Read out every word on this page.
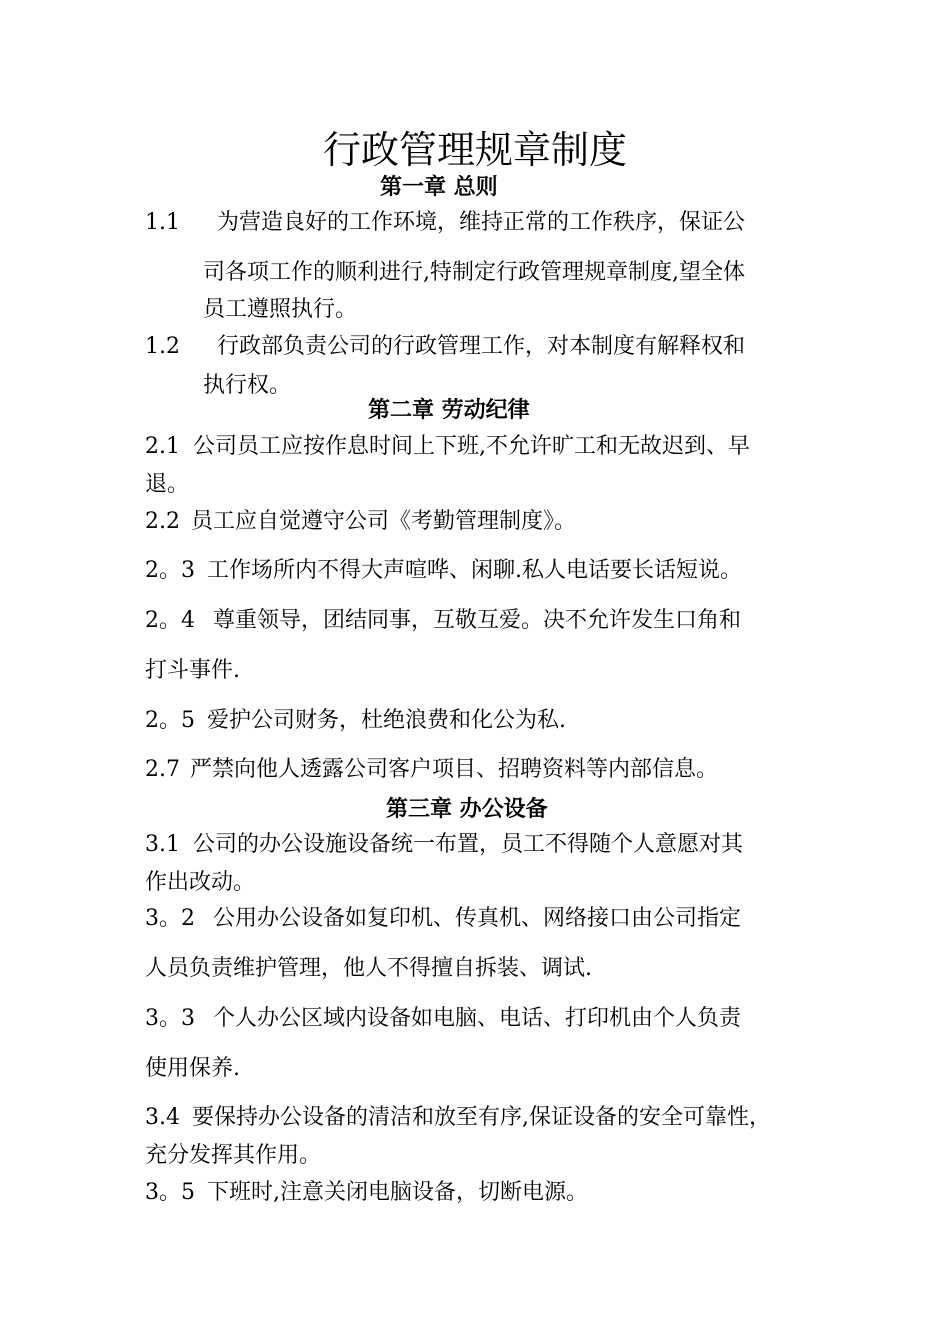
行政管理规章制度
第一章 总则
1.1 为营造良好的工作环境，维持正常的工作秩序，保证公
司各项工作的顺利进行,特制定行政管理规章制度,望全体
员工遵照执行。
1.2 行政部负责公司的行政管理工作，对本制度有解释权和
执行权。
第二章 劳动纪律
2.1 公司员工应按作息时间上下班,不允许旷工和无故迟到、早
退。
2.2 员工应自觉遵守公司《考勤管理制度》。
2。3 工作场所内不得大声喧哗、闲聊.私人电话要长话短说。
2。4 尊重领导，团结同事，互敬互爱。决不允许发生口角和
打斗事件.
2。5 爱护公司财务，杜绝浪费和化公为私.
2.7 严禁向他人透露公司客户项目、招聘资料等内部信息。
第三章 办公设备
3.1 公司的办公设施设备统一布置，员工不得随个人意愿对其
作出改动。
3。2 公用办公设备如复印机、传真机、网络接口由公司指定
人员负责维护管理，他人不得擅自拆装、调试.
3。3 个人办公区域内设备如电脑、电话、打印机由个人负责
使用保养.
3.4 要保持办公设备的清洁和放至有序,保证设备的安全可靠性，
充分发挥其作用。
3。5 下班时,注意关闭电脑设备，切断电源。
